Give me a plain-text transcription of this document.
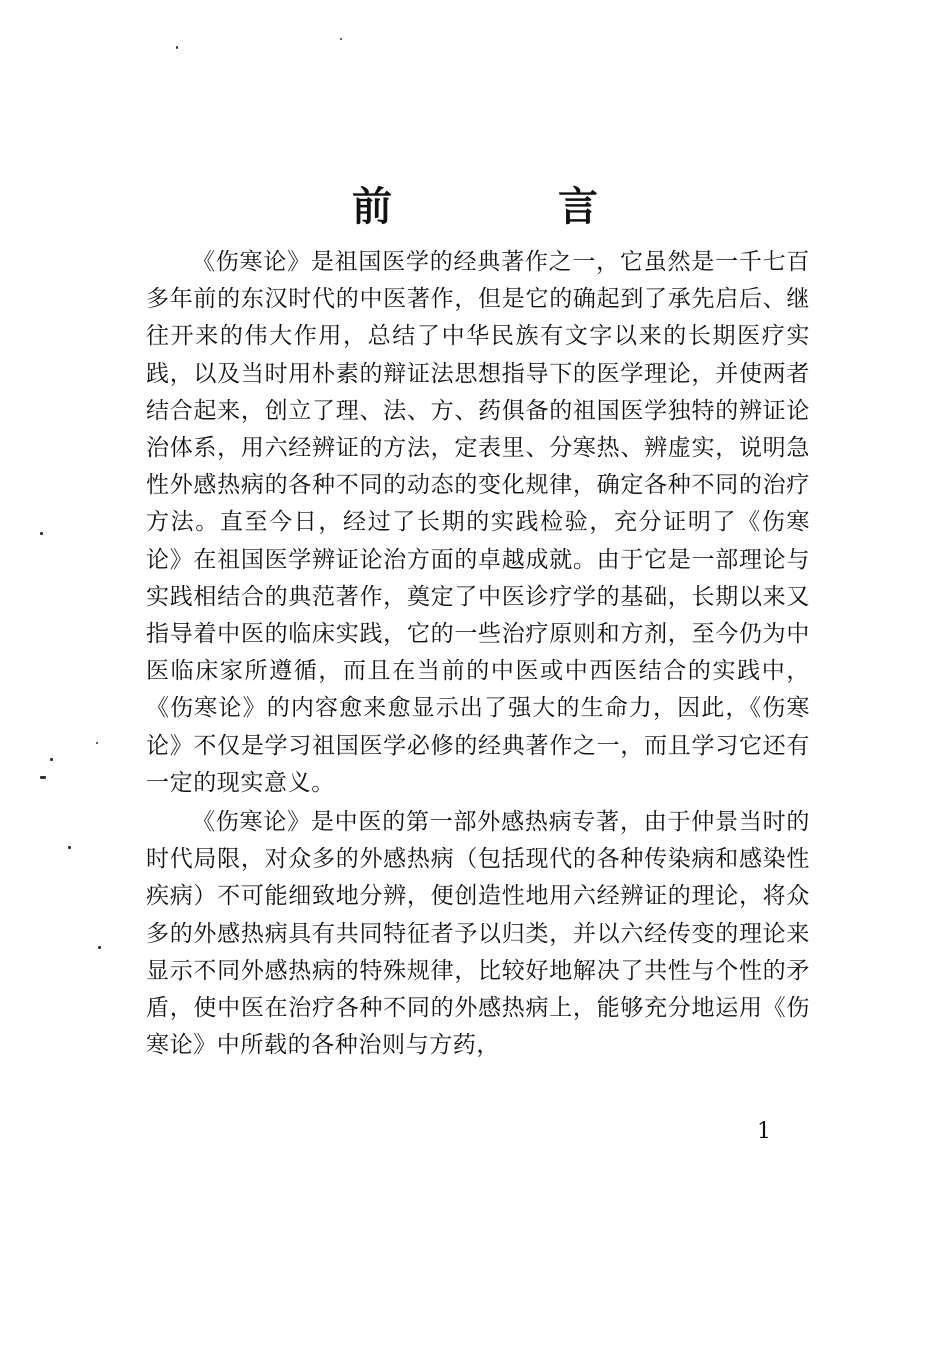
前 言

《伤寒论》是祖国医学的经典著作之一，它虽然是一千七百多年前的东汉时代的中医著作，但是它的确起到了承先启后、继往开来的伟大作用，总结了中华民族有文字以来的长期医疗实践，以及当时用朴素的辩证法思想指导下的医学理论，并使两者结合起来，创立了理、法、方、药俱备的祖国医学独特的辨证论治体系，用六经辨证的方法，定表里、分寒热、辨虚实，说明急性外感热病的各种不同的动态的变化规律，确定各种不同的治疗方法。直至今日，经过了长期的实践检验，充分证明了《伤寒论》在祖国医学辨证论治方面的卓越成就。由于它是一部理论与实践相结合的典范著作，奠定了中医诊疗学的基础，长期以来又指导着中医的临床实践，它的一些治疗原则和方剂，至今仍为中医临床家所遵循，而且在当前的中医或中西医结合的实践中，《伤寒论》的内容愈来愈显示出了强大的生命力，因此，《伤寒论》不仅是学习祖国医学必修的经典著作之一，而且学习它还有一定的现实意义。

《伤寒论》是中医的第一部外感热病专著，由于仲景当时的时代局限，对众多的外感热病（包括现代的各种传染病和感染性疾病）不可能细致地分辨，便创造性地用六经辨证的理论，将众多的外感热病具有共同特征者予以归类，并以六经传变的理论来显示不同外感热病的特殊规律，比较好地解决了共性与个性的矛盾，使中医在治疗各种不同的外感热病上，能够充分地运用《伤寒论》中所载的各种治则与方药，

1
